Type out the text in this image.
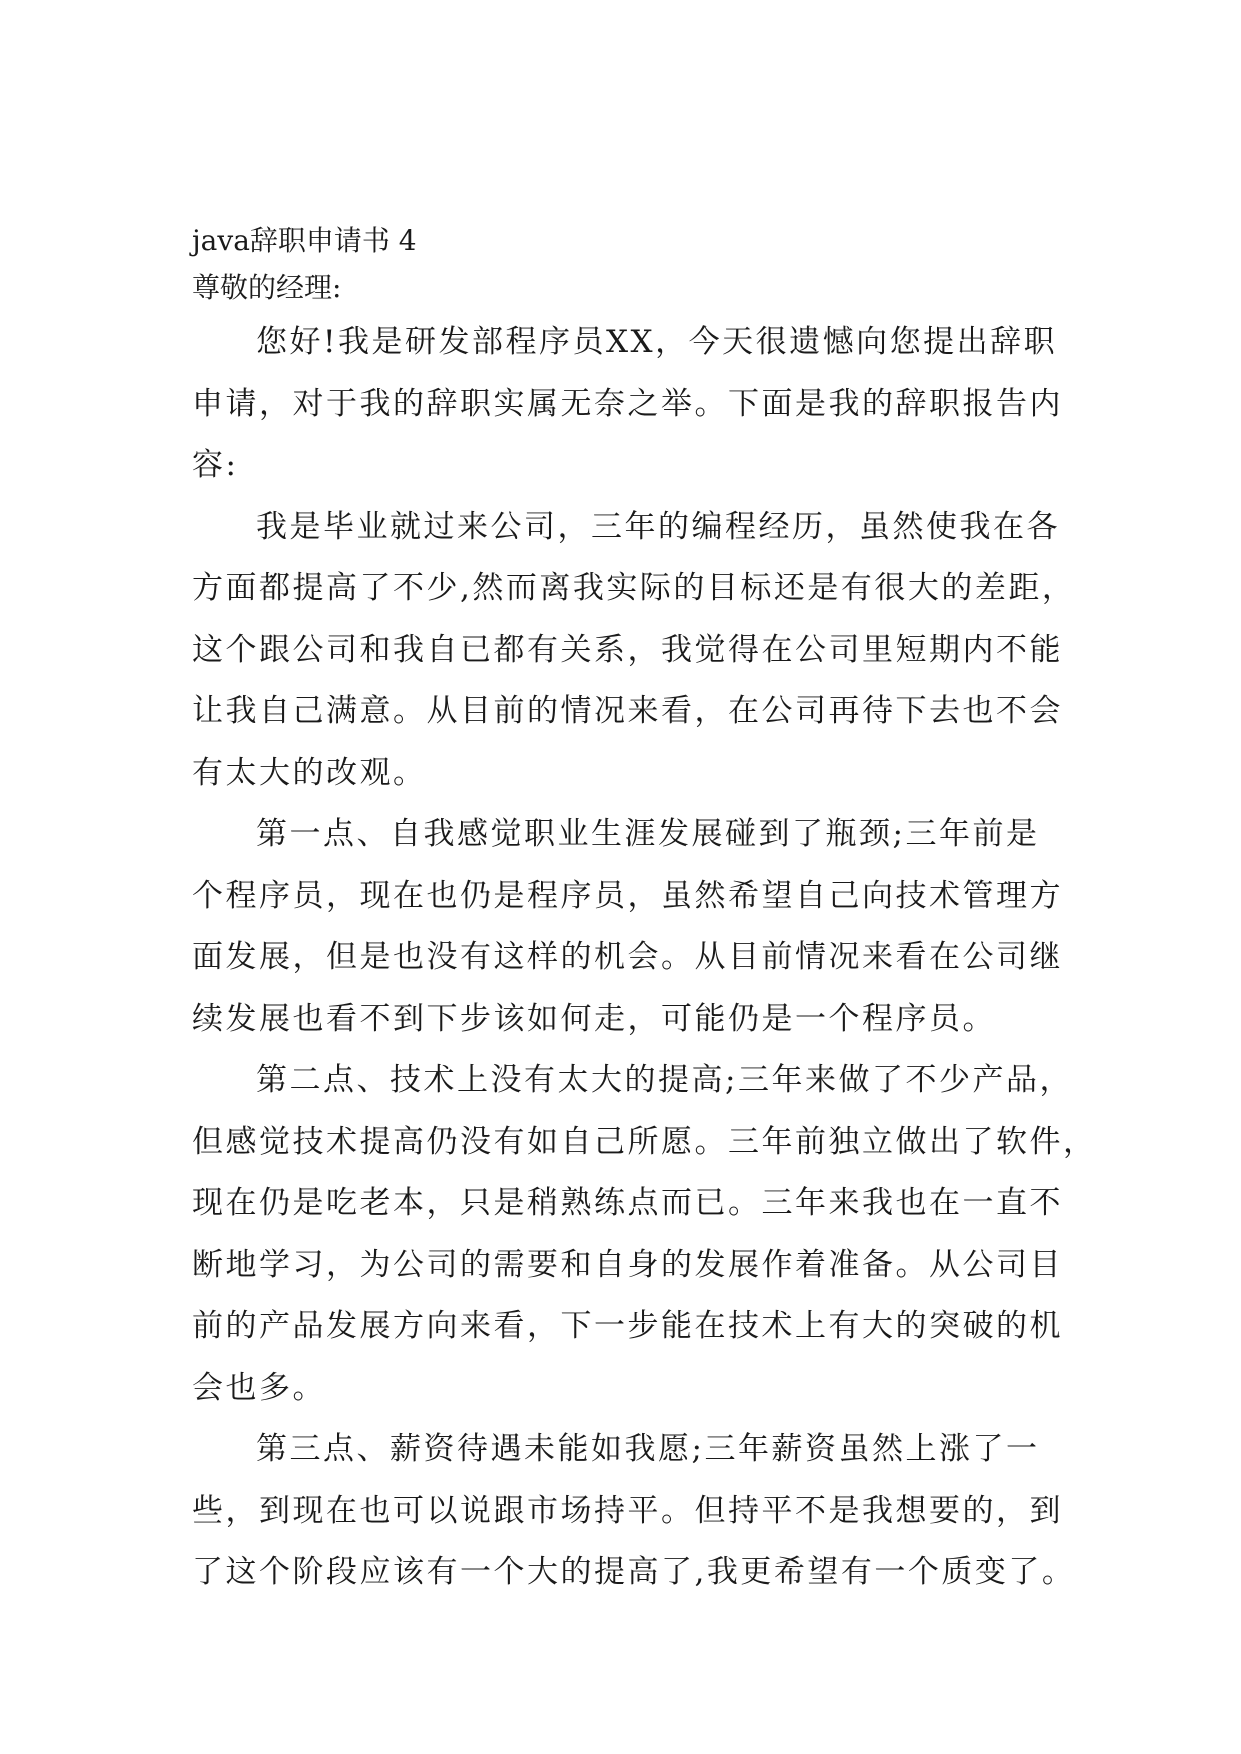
java辞职申请书 4
尊敬的经理:
您好!我是研发部程序员XX，今天很遗憾向您提出辞职
申请，对于我的辞职实属无奈之举。下面是我的辞职报告内
容:
我是毕业就过来公司，三年的编程经历，虽然使我在各
方面都提高了不少,然而离我实际的目标还是有很大的差距，
这个跟公司和我自已都有关系，我觉得在公司里短期内不能
让我自己满意。从目前的情况来看，在公司再待下去也不会
有太大的改观。
第一点、自我感觉职业生涯发展碰到了瓶颈;三年前是
个程序员，现在也仍是程序员，虽然希望自己向技术管理方
面发展，但是也没有这样的机会。从目前情况来看在公司继
续发展也看不到下步该如何走，可能仍是一个程序员。
第二点、技术上没有太大的提高;三年来做了不少产品，
但感觉技术提高仍没有如自己所愿。三年前独立做出了软件，
现在仍是吃老本，只是稍熟练点而已。三年来我也在一直不
断地学习，为公司的需要和自身的发展作着准备。从公司目
前的产品发展方向来看，下一步能在技术上有大的突破的机
会也多。
第三点、薪资待遇未能如我愿;三年薪资虽然上涨了一
些，到现在也可以说跟市场持平。但持平不是我想要的，到
了这个阶段应该有一个大的提高了,我更希望有一个质变了。
